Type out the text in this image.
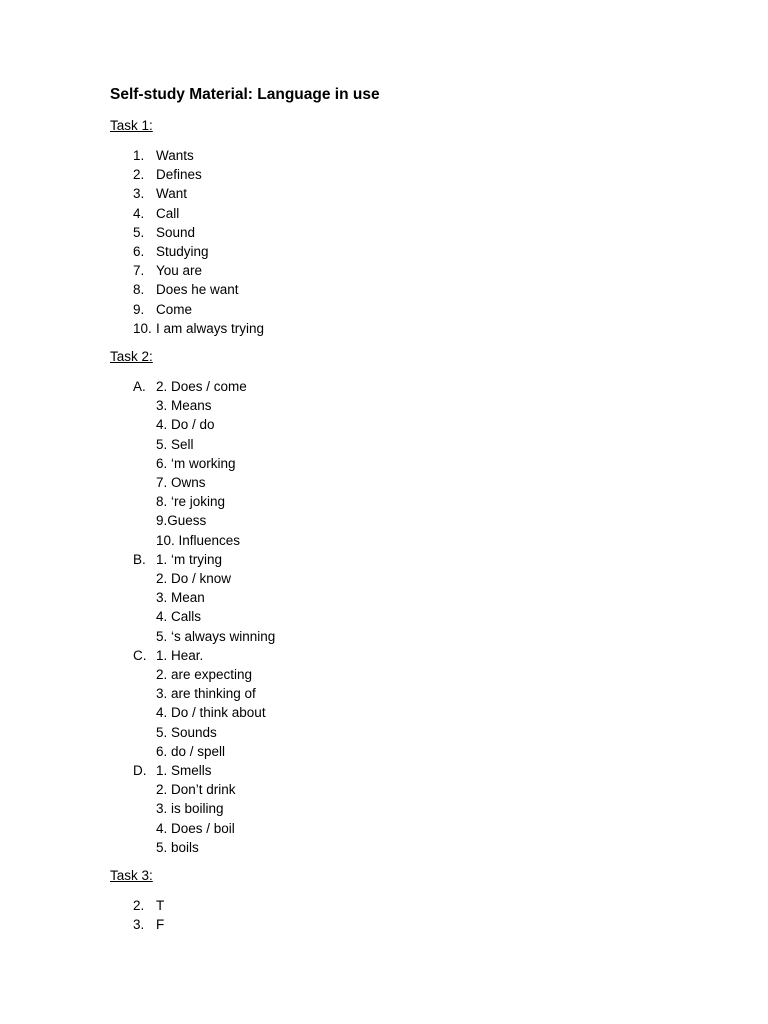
Self-study Material: Language in use
Task 1:
1. Wants
2. Defines
3. Want
4. Call
5. Sound
6. Studying
7. You are
8. Does he want
9. Come
10. I am always trying
Task 2:
A. 2. Does / come
3. Means
4. Do / do
5. Sell
6. ‘m working
7. Owns
8. ‘re joking
9.Guess
10. Influences
B. 1. ‘m trying
2. Do / know
3. Mean
4. Calls
5. ‘s always winning
C. 1. Hear.
2. are expecting
3. are thinking of
4. Do / think about
5. Sounds
6. do / spell
D. 1. Smells
2. Don’t drink
3. is boiling
4. Does / boil
5. boils
Task 3:
2. T
3. F
